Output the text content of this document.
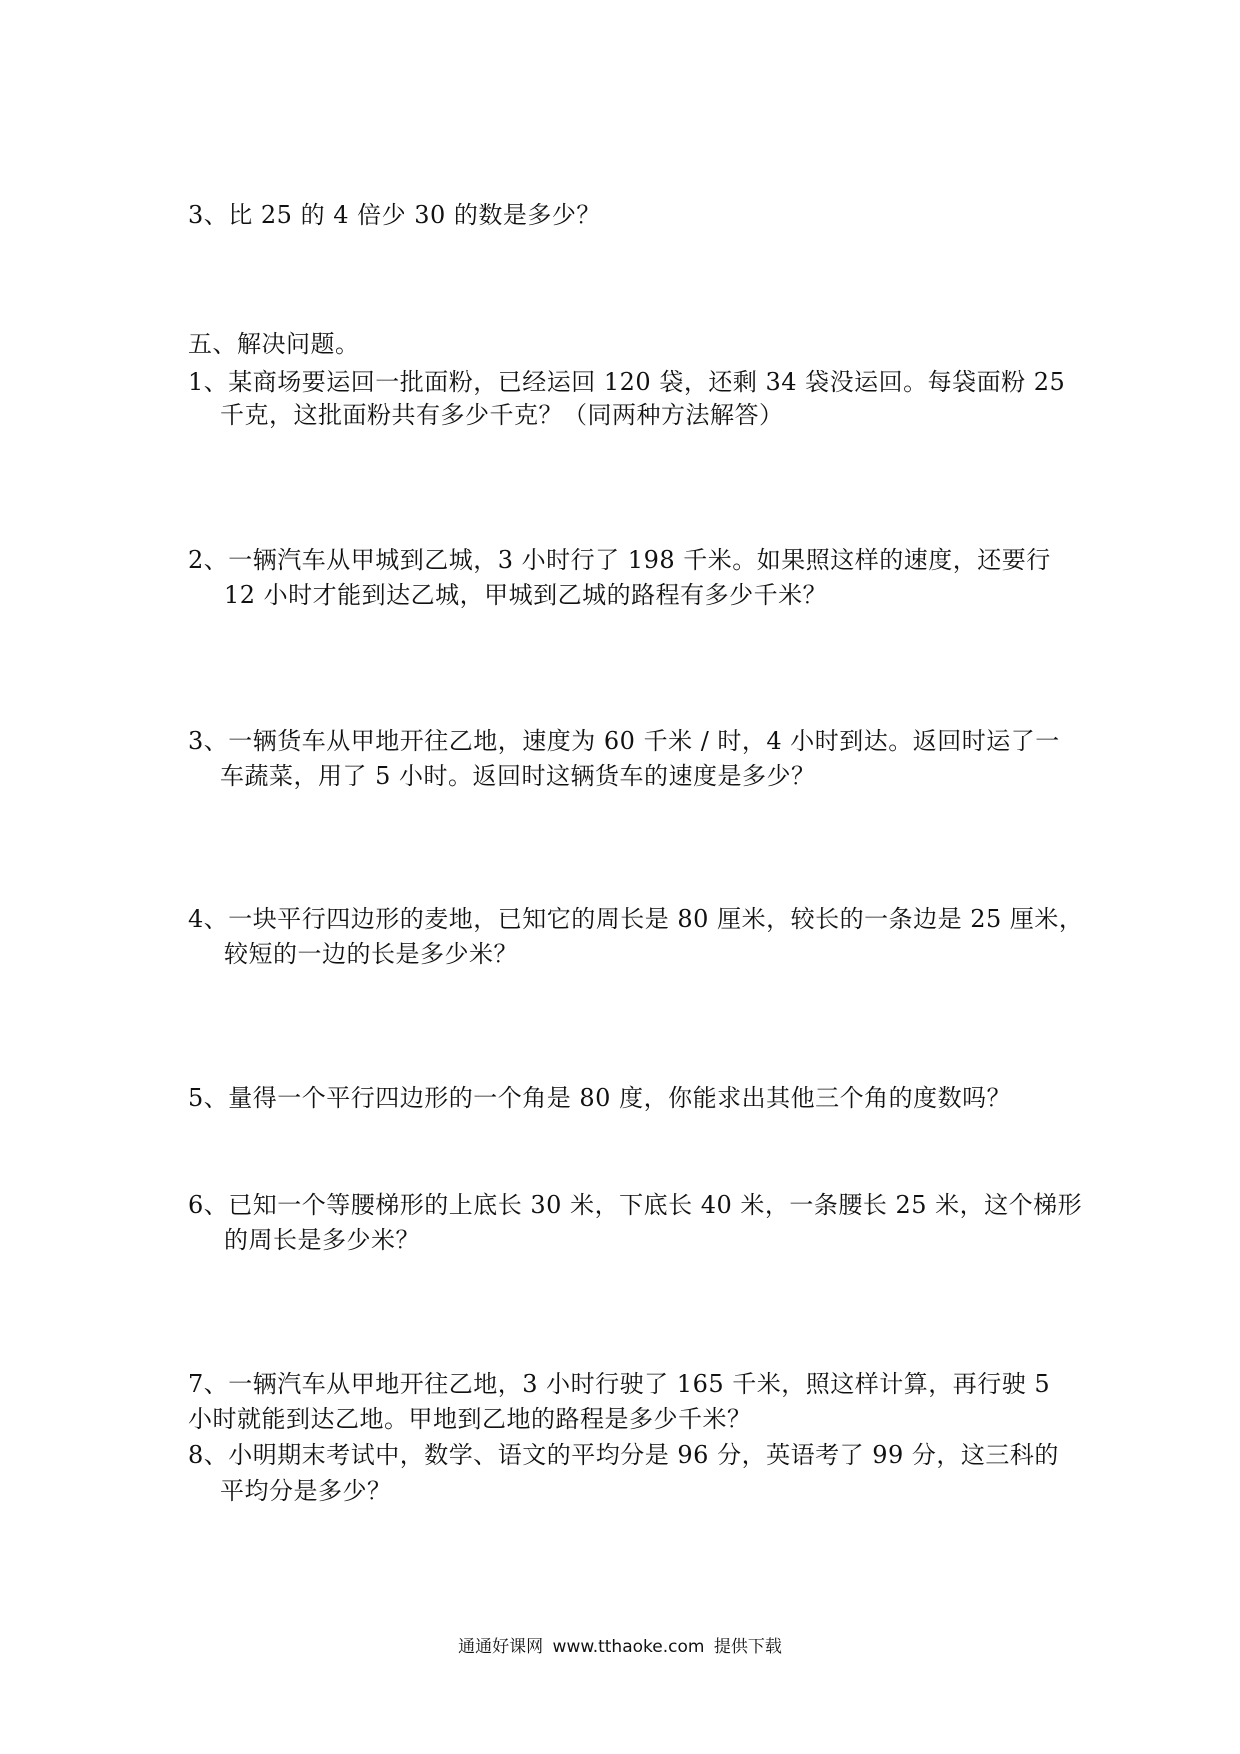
3、比 25 的 4 倍少 30 的数是多少？
五、解决问题。
1、某商场要运回一批面粉，已经运回 120 袋，还剩 34 袋没运回。每袋面粉 25
千克，这批面粉共有多少千克？（同两种方法解答）
2、一辆汽车从甲城到乙城，3 小时行了 198 千米。如果照这样的速度，还要行
12 小时才能到达乙城，甲城到乙城的路程有多少千米？
3、一辆货车从甲地开往乙地，速度为 60 千米 / 时，4 小时到达。返回时运了一
车蔬菜，用了 5 小时。返回时这辆货车的速度是多少？
4、一块平行四边形的麦地，已知它的周长是 80 厘米，较长的一条边是 25 厘米，
较短的一边的长是多少米？
5、量得一个平行四边形的一个角是 80 度，你能求出其他三个角的度数吗？
6、已知一个等腰梯形的上底长 30 米，下底长 40 米，一条腰长 25 米，这个梯形
的周长是多少米？
7、一辆汽车从甲地开往乙地，3 小时行驶了 165 千米，照这样计算，再行驶 5
小时就能到达乙地。甲地到乙地的路程是多少千米？
8、小明期末考试中，数学、语文的平均分是 96 分，英语考了 99 分，这三科的
平均分是多少？
通通好课网 www.tthaoke.com 提供下载
